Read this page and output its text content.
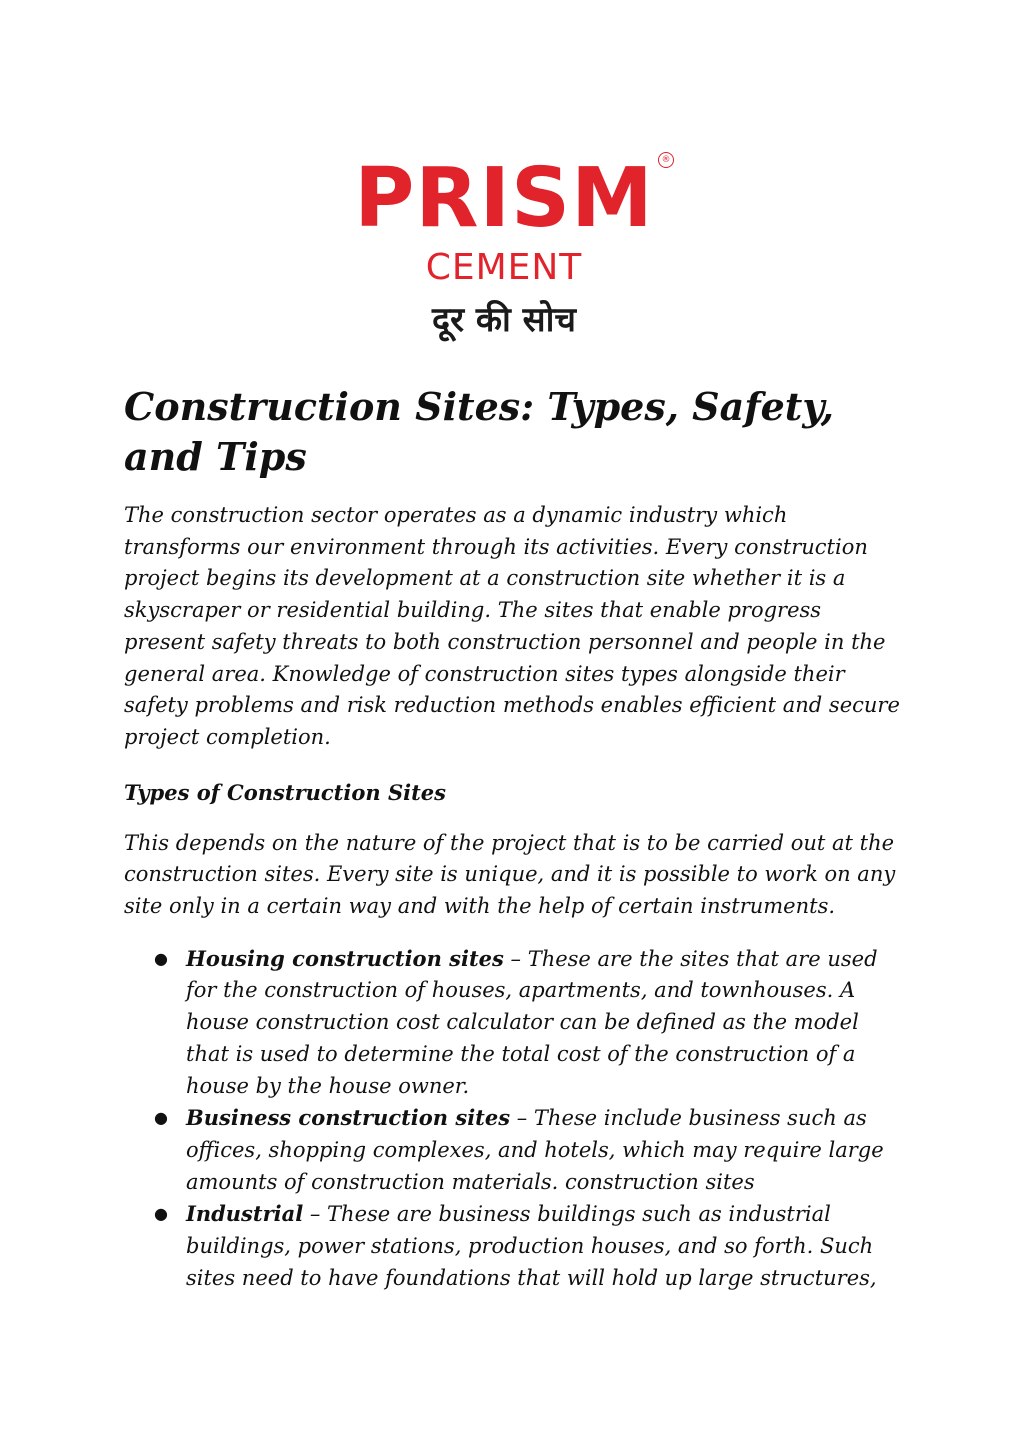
PRISM ®
CEMENT
दूर की सोच
Construction Sites: Types, Safety, and Tips

The construction sector operates as a dynamic industry which transforms our environment through its activities. Every construction project begins its development at a construction site whether it is a skyscraper or residential building. The sites that enable progress present safety threats to both construction personnel and people in the general area. Knowledge of construction sites types alongside their safety problems and risk reduction methods enables efficient and secure project completion.

Types of Construction Sites

This depends on the nature of the project that is to be carried out at the construction sites. Every site is unique, and it is possible to work on any site only in a certain way and with the help of certain instruments.

● Housing construction sites – These are the sites that are used for the construction of houses, apartments, and townhouses. A house construction cost calculator can be defined as the model that is used to determine the total cost of the construction of a house by the house owner.
● Business construction sites – These include business such as offices, shopping complexes, and hotels, which may require large amounts of construction materials. construction sites
● Industrial – These are business buildings such as industrial buildings, power stations, production houses, and so forth. Such sites need to have foundations that will hold up large structures,
